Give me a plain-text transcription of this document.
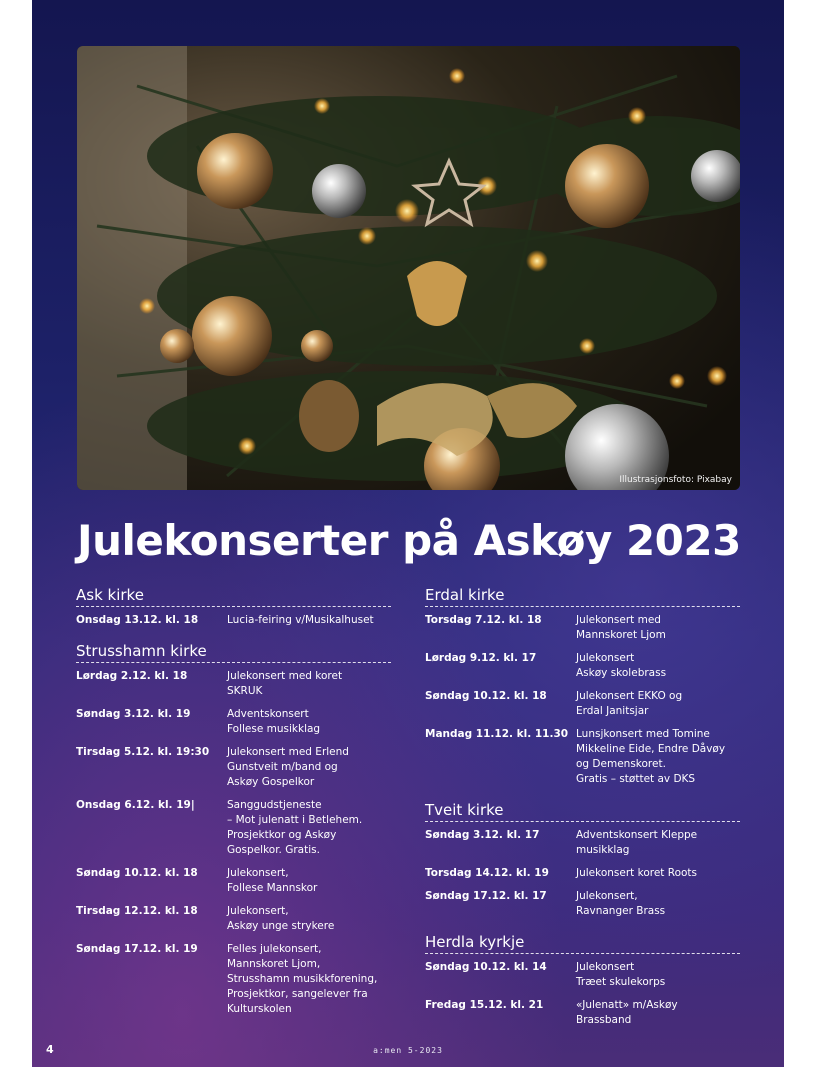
Illustrasjonsfoto: Pixabay
Julekonserter på Askøy 2023
Ask kirke
Onsdag 13.12. kl. 18	Lucia-feiring v/Musikalhuset
Strusshamn kirke
Lørdag 2.12. kl. 18	Julekonsert med koret
SKRUK
Søndag 3.12. kl. 19	Adventskonsert
Follese musikklag
Tirsdag 5.12. kl. 19:30	Julekonsert med Erlend
Gunstveit m/band og
Askøy Gospelkor
Onsdag 6.12. kl. 19|	Sanggudstjeneste
– Mot julenatt i Betlehem.
Prosjektkor og Askøy
Gospelkor. Gratis.
Søndag 10.12. kl. 18	Julekonsert,
Follese Mannskor
Tirsdag 12.12. kl. 18	Julekonsert,
Askøy unge strykere
Søndag 17.12. kl. 19	Felles julekonsert,
Mannskoret Ljom,
Strusshamn musikkforening,
Prosjektkor, sangelever fra
Kulturskolen
Erdal kirke
Torsdag 7.12. kl. 18	Julekonsert med
Mannskoret Ljom
Lørdag 9.12. kl. 17	Julekonsert
Askøy skolebrass
Søndag 10.12. kl. 18	Julekonsert EKKO og
Erdal Janitsjar
Mandag 11.12. kl. 11.30 Lunsjkonsert med Tomine
Mikkeline Eide, Endre Dåvøy
og Demenskoret.
Gratis – støttet av DKS
Tveit kirke
Søndag 3.12. kl. 17	Adventskonsert Kleppe
musikklag
Torsdag 14.12. kl. 19	Julekonsert koret Roots
Søndag 17.12. kl. 17	Julekonsert,
Ravnanger Brass
Herdla kyrkje
Søndag 10.12. kl. 14	Julekonsert
Træet skulekorps
Fredag 15.12. kl. 21	«Julenatt» m/Askøy
Brassband
4	a:men 5-2023
